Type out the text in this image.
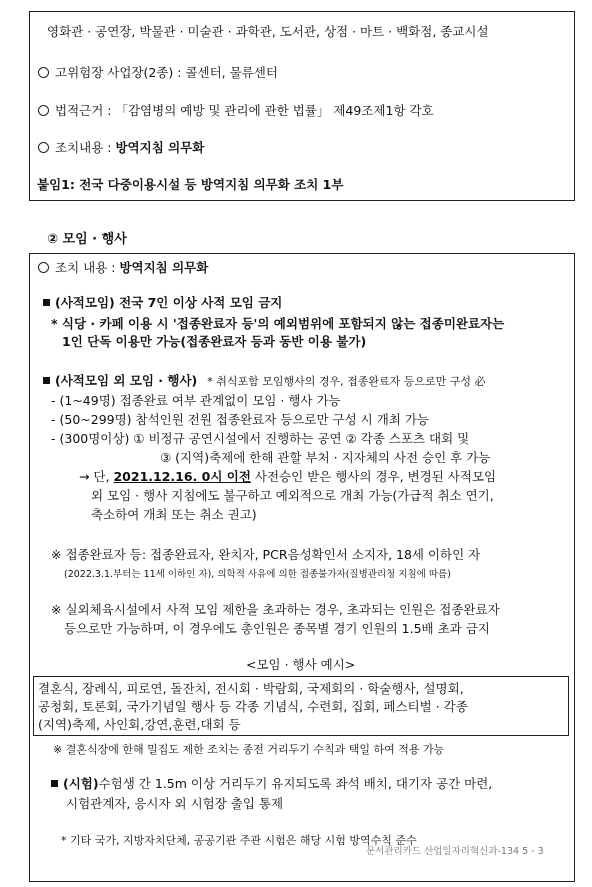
영화관 · 공연장, 박물관 · 미술관 · 과학관, 도서관, 상점 · 마트 · 백화점, 종교시설
고위험장 사업장(2종) : 콜센터, 물류센터
법적근거 : 「감염병의 예방 및 관리에 관한 법률」 제49조제1항 각호
조치내용 : 방역지침 의무화
붙임1: 전국 다중이용시설 등 방역지침 의무화 조치 1부
② 모임 · 행사
조치 내용 : 방역지침 의무화
(사적모임) 전국 7인 이상 사적 모임 금지
* 식당 · 카페 이용 시 '접종완료자 등'의 예외범위에 포함되지 않는 접종미완료자는
1인 단독 이용만 가능(접종완료자 등과 동반 이용 불가)
(사적모임 외 모임 · 행사) * 취식포함 모임행사의 경우, 접종완료자 등으로만 구성 必
- (1~49명) 접종완료 여부 관계없이 모임 · 행사 가능
- (50~299명) 참석인원 전원 접종완료자 등으로만 구성 시 개최 가능
- (300명이상) ① 비정규 공연시설에서 진행하는 공연 ② 각종 스포츠 대회 및
③ (지역)축제에 한해 관할 부처 · 지자체의 사전 승인 후 가능
→ 단, 2021.12.16. 0시 이전 사전승인 받은 행사의 경우, 변경된 사적모임
외 모임 · 행사 지침에도 불구하고 예외적으로 개최 가능(가급적 취소 연기,
축소하여 개최 또는 취소 권고)
※ 접종완료자 등: 접종완료자, 완치자, PCR음성확인서 소지자, 18세 이하인 자
(2022.3.1.부터는 11세 이하인 자), 의학적 사유에 의한 접종불가자(질병관리청 지침에 따름)
※ 실외체육시설에서 사적 모임 제한을 초과하는 경우, 초과되는 인원은 접종완료자
등으로만 가능하며, 이 경우에도 총인원은 종목별 경기 인원의 1.5배 초과 금지
<모임 · 행사 예시>
결혼식, 장례식, 피로연, 돌잔치, 전시회 · 박람회, 국제회의 · 학술행사, 설명회,
공청회, 토론회, 국가기념일 행사 등 각종 기념식, 수련회, 집회, 페스티벌 · 각종
(지역)축제, 사인회,강연,훈련,대회 등
※ 결혼식장에 한해 밀집도 제한 조치는 종전 거리두기 수칙과 택일 하여 적용 가능
(시험)수험생 간 1.5m 이상 거리두기 유지되도록 좌석 배치, 대기자 공간 마련,
시험관계자, 응시자 외 시험장 출입 통제
* 기타 국가, 지방자치단체, 공공기관 주관 시험은 해당 시험 방역수칙 준수
문서관리카드 산업일자리혁신과-134 5 - 3
